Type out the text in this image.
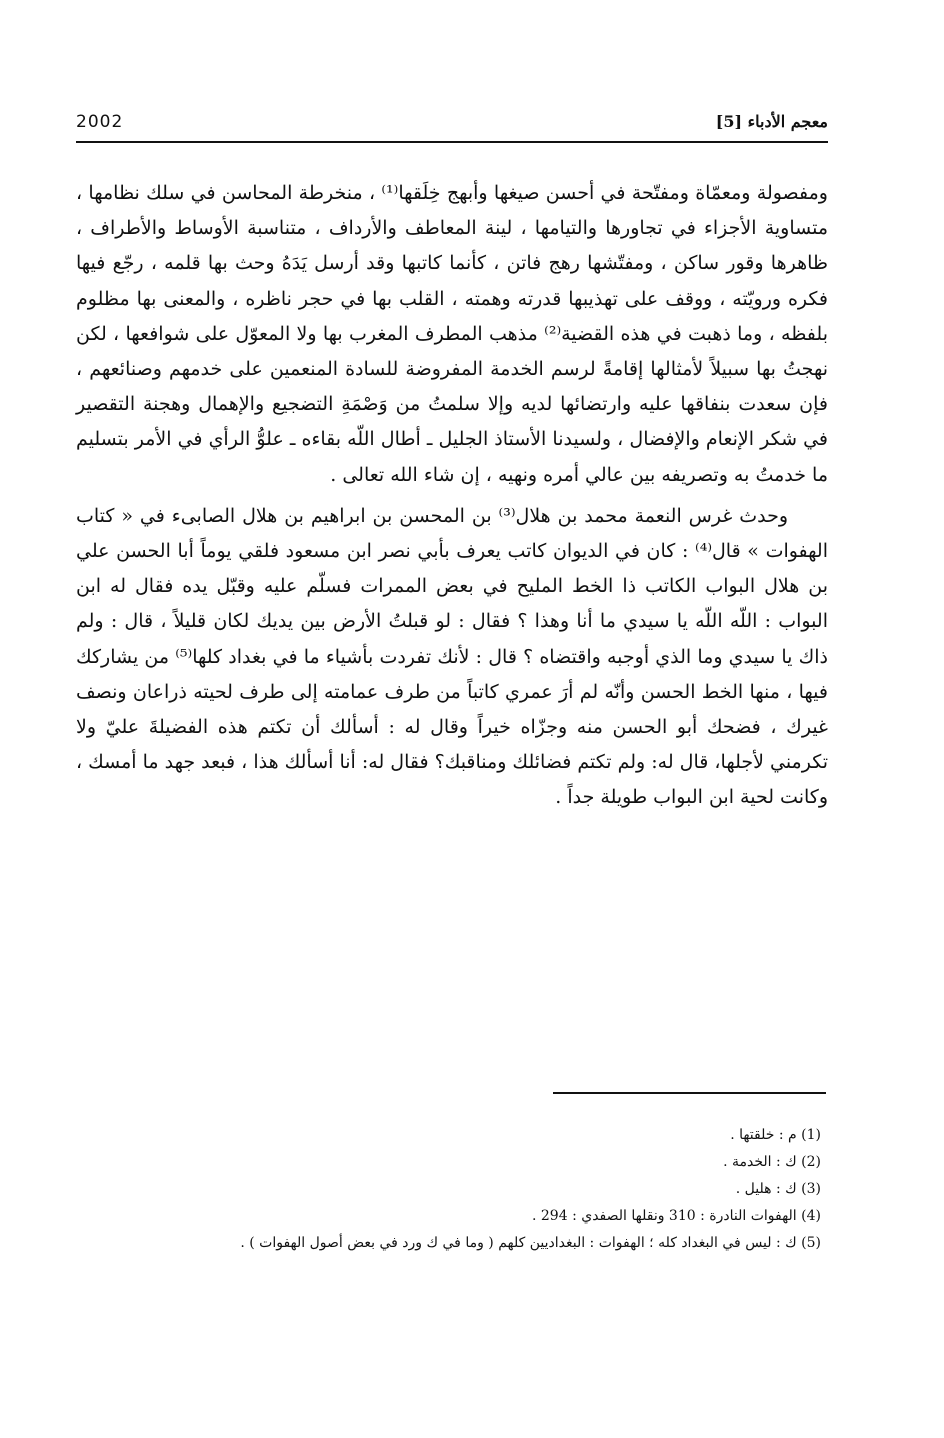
معجم الأدباء [5]
2002

ومفصولة ومعمّاة ومفتّحة في أحسن صيغها وأبهج خِلَقها⁽¹⁾ ، منخرطة المحاسن في سلك نظامها ، متساوية الأجزاء في تجاورها والتيامها ، لينة المعاطف والأرداف ، متناسبة الأوساط والأطراف ، ظاهرها وقور ساكن ، ومفتّشها رهج فاتن ، كأنما كاتبها وقد أرسل يَدَهُ وحث بها قلمه ، رجّع فيها فكره ورويّته ، ووقف على تهذيبها قدرته وهمته ، القلب بها في حجر ناظره ، والمعنى بها مظلوم بلفظه ، وما ذهبت في هذه القضية⁽²⁾ مذهب المطرف المغرب بها ولا المعوّل على شوافعها ، لكن نهجتُ بها سبيلاً لأمثالها إقامةً لرسم الخدمة المفروضة للسادة المنعمين على خدمهم وصنائعهم ، فإن سعدت بنفاقها عليه وارتضائها لديه وإلا سلمتُ من وَصْمَةِ التضجيع والإهمال وهجنة التقصير في شكر الإنعام والإفضال ، ولسيدنا الأستاذ الجليل ـ أطال اللّه بقاءه ـ علوُّ الرأي في الأمر بتسليم ما خدمتُ به وتصريفه بين عالي أمره ونهيه ، إن شاء الله تعالى .

وحدث غرس النعمة محمد بن هلال⁽³⁾ بن المحسن بن ابراهيم بن هلال الصابىء في « كتاب الهفوات » قال⁽⁴⁾ : كان في الديوان كاتب يعرف بأبي نصر ابن مسعود فلقي يوماً أبا الحسن علي بن هلال البواب الكاتب ذا الخط المليح في بعض الممرات فسلّم عليه وقبّل يده فقال له ابن البواب : اللّه اللّه يا سيدي ما أنا وهذا ؟ فقال : لو قبلتُ الأرض بين يديك لكان قليلاً ، قال : ولم ذاك يا سيدي وما الذي أوجبه واقتضاه ؟ قال : لأنك تفردت بأشياء ما في بغداد كلها⁽⁵⁾ من يشاركك فيها ، منها الخط الحسن وأنّه لم أرَ عمري كاتباً من طرف عمامته إلى طرف لحيته ذراعان ونصف غيرك ، فضحك أبو الحسن منه وجزّاه خيراً وقال له : أسألك أن تكتم هذه الفضيلةَ عليّ ولا تكرمني لأجلها، قال له: ولم تكتم فضائلك ومناقبك؟ فقال له: أنا أسألك هذا ، فبعد جهد ما أمسك ، وكانت لحية ابن البواب طويلة جداً .

(1) م : خلقتها .
(2) ك : الخدمة .
(3) ك : هليل .
(4) الهفوات النادرة : 310 ونقلها الصفدي : 294 .
(5) ك : ليس في البغداد كله ؛ الهفوات : البغداديين كلهم ( وما في ك ورد في بعض أصول الهفوات ) .
